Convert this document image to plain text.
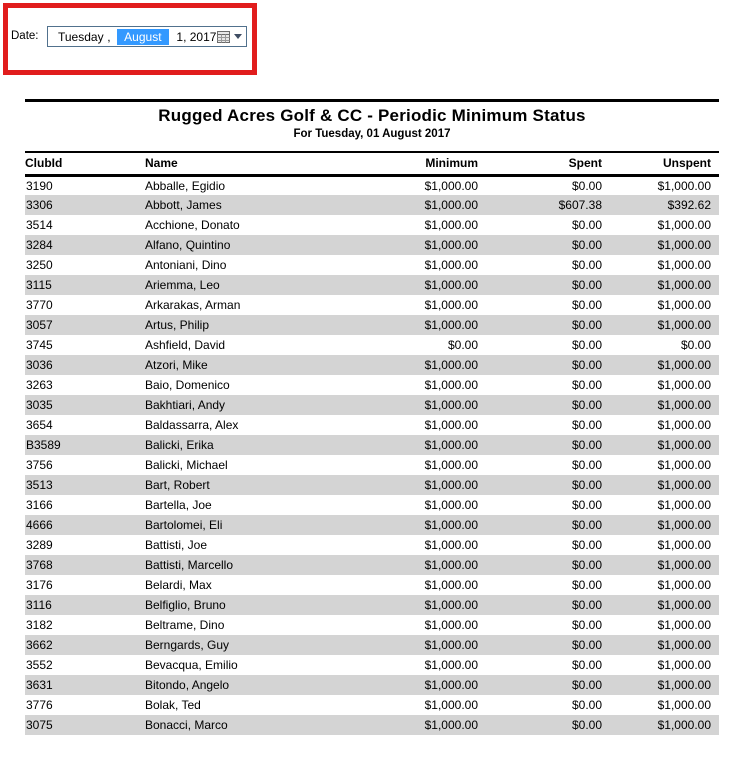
Date: Tuesday ,	August	1, 2017
Rugged Acres Golf & CC - Periodic Minimum Status
For Tuesday, 01 August 2017
ClubId	Name	Minimum	Spent	Unspent
3190	Abballe, Egidio	$1,000.00	$0.00	$1,000.00
3306	Abbott, James	$1,000.00	$607.38	$392.62
3514	Acchione, Donato	$1,000.00	$0.00	$1,000.00
3284	Alfano, Quintino	$1,000.00	$0.00	$1,000.00
3250	Antoniani, Dino	$1,000.00	$0.00	$1,000.00
3115	Ariemma, Leo	$1,000.00	$0.00	$1,000.00
3770	Arkarakas, Arman	$1,000.00	$0.00	$1,000.00
3057	Artus, Philip	$1,000.00	$0.00	$1,000.00
3745	Ashfield, David	$0.00	$0.00	$0.00
3036	Atzori, Mike	$1,000.00	$0.00	$1,000.00
3263	Baio, Domenico	$1,000.00	$0.00	$1,000.00
3035	Bakhtiari, Andy	$1,000.00	$0.00	$1,000.00
3654	Baldassarra, Alex	$1,000.00	$0.00	$1,000.00
B3589	Balicki, Erika	$1,000.00	$0.00	$1,000.00
3756	Balicki, Michael	$1,000.00	$0.00	$1,000.00
3513	Bart, Robert	$1,000.00	$0.00	$1,000.00
3166	Bartella, Joe	$1,000.00	$0.00	$1,000.00
4666	Bartolomei, Eli	$1,000.00	$0.00	$1,000.00
3289	Battisti, Joe	$1,000.00	$0.00	$1,000.00
3768	Battisti, Marcello	$1,000.00	$0.00	$1,000.00
3176	Belardi, Max	$1,000.00	$0.00	$1,000.00
3116	Belfiglio, Bruno	$1,000.00	$0.00	$1,000.00
3182	Beltrame, Dino	$1,000.00	$0.00	$1,000.00
3662	Berngards, Guy	$1,000.00	$0.00	$1,000.00
3552	Bevacqua, Emilio	$1,000.00	$0.00	$1,000.00
3631	Bitondo, Angelo	$1,000.00	$0.00	$1,000.00
3776	Bolak, Ted	$1,000.00	$0.00	$1,000.00
3075	Bonacci, Marco	$1,000.00	$0.00	$1,000.00
